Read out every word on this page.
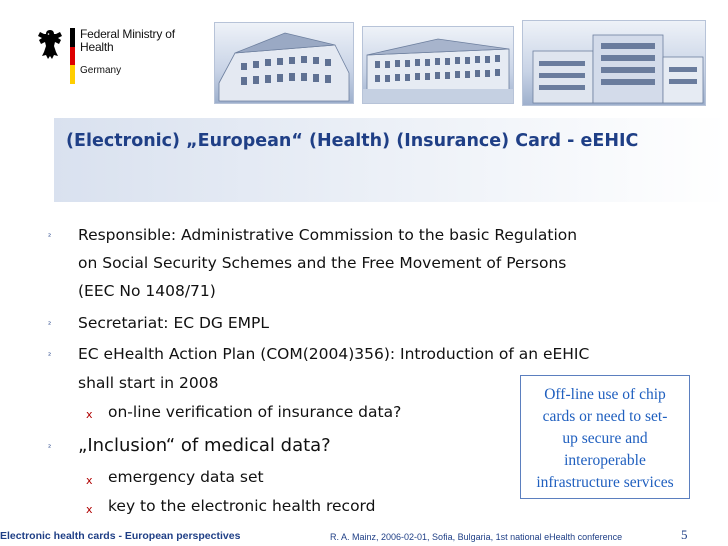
Federal Ministry of
Health
Germany
(Electronic) „European“ (Health) (Insurance) Card - eEHIC
² Responsible: Administrative Commission to the basic Regulation
on Social Security Schemes and the Free Movement of Persons
(EEC No 1408/71)
² Secretariat: EC DG EMPL
² EC eHealth Action Plan (COM(2004)356): Introduction of an eEHIC
shall start in 2008
x on-line verification of insurance data?
² „Inclusion“ of medical data?
x emergency data set
x key to the electronic health record
Off-line use of chip
cards or need to set-
up secure and
interoperable
infrastructure services
Electronic health cards - European perspectives	R. A. Mainz, 2006-02-01, Sofia, Bulgaria, 1st national eHealth conference	5
